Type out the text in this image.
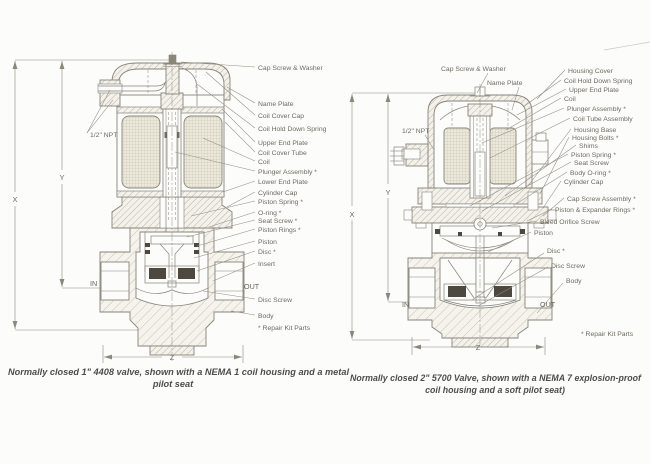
Cap Screw & Washer
Name Plate
Coil Cover Cap
Coil Hold Down Spring
Upper End Plate
Coil Cover Tube
Coil
Plunger Assembly *
Lower End Plate
Cylinder Cap
Piston Spring *
O-ring *
Seat Screw *
Piston Rings *
Piston
Disc *
Insert
Disc Screw
Body
* Repair Kit Parts
OUT
IN
1/2" NPT
X
Y
Z
Cap Screw & Washer
Name Plate
Housing Cover
Coil Hold Down Spring
Upper End Plate
Coil
Plunger Assembly *
Coil Tube Assembly
Housing Base
Housing Bolts *
Shims
Piston Spring *
Seat Screw
Body O-ring *
Cylinder Cap
Cap Screw Assembly *
Piston & Expander Rings *
Bleed Orifice Screw
Piston
Disc *
Disc Screw
Body
* Repair Kit Parts
OUT
IN
1/2" NPT
X
Y
Z
Normally closed 1" 4408 valve, shown with a NEMA 1 coil housing and a metal
pilot seat
Normally closed 2" 5700 Valve, shown with a NEMA 7 explosion-proof
coil housing and a soft pilot seat)
